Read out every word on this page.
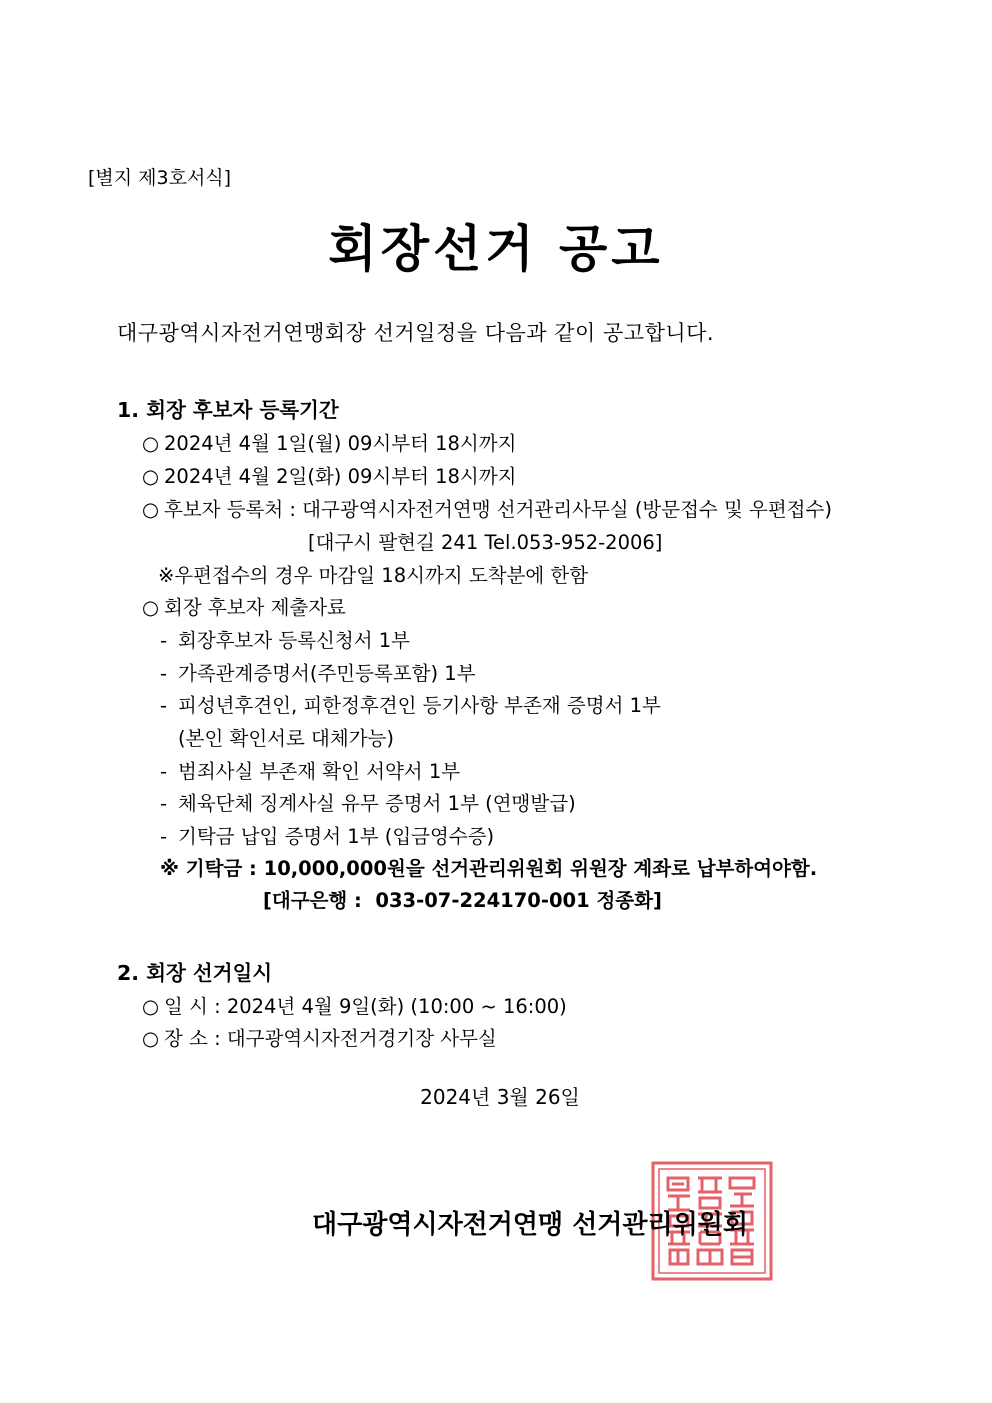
[별지 제3호서식]
회장선거 공고
대구광역시자전거연맹회장 선거일정을 다음과 같이 공고합니다.
1. 회장 후보자 등록기간
○ 2024년 4월 1일(월) 09시부터 18시까지
○ 2024년 4월 2일(화) 09시부터 18시까지
○ 후보자 등록처 : 대구광역시자전거연맹 선거관리사무실 (방문접수 및 우편접수)
[대구시 팔현길 241 Tel.053-952-2006]
※우편접수의 경우 마감일 18시까지 도착분에 한함
○ 회장 후보자 제출자료
- 회장후보자 등록신청서 1부
- 가족관계증명서(주민등록포함) 1부
- 피성년후견인, 피한정후견인 등기사항 부존재 증명서 1부
(본인 확인서로 대체가능)
- 범죄사실 부존재 확인 서약서 1부
- 체육단체 징계사실 유무 증명서 1부 (연맹발급)
- 기탁금 납입 증명서 1부 (입금영수증)
※ 기탁금 : 10,000,000원을 선거관리위원회 위원장 계좌로 납부하여야함.
[대구은행 :  033-07-224170-001 정종화]
2. 회장 선거일시
○ 일 시 : 2024년 4월 9일(화) (10:00 ~ 16:00)
○ 장 소 : 대구광역시자전거경기장 사무실
2024년 3월 26일
대구광역시자전거연맹 선거관리위원회
